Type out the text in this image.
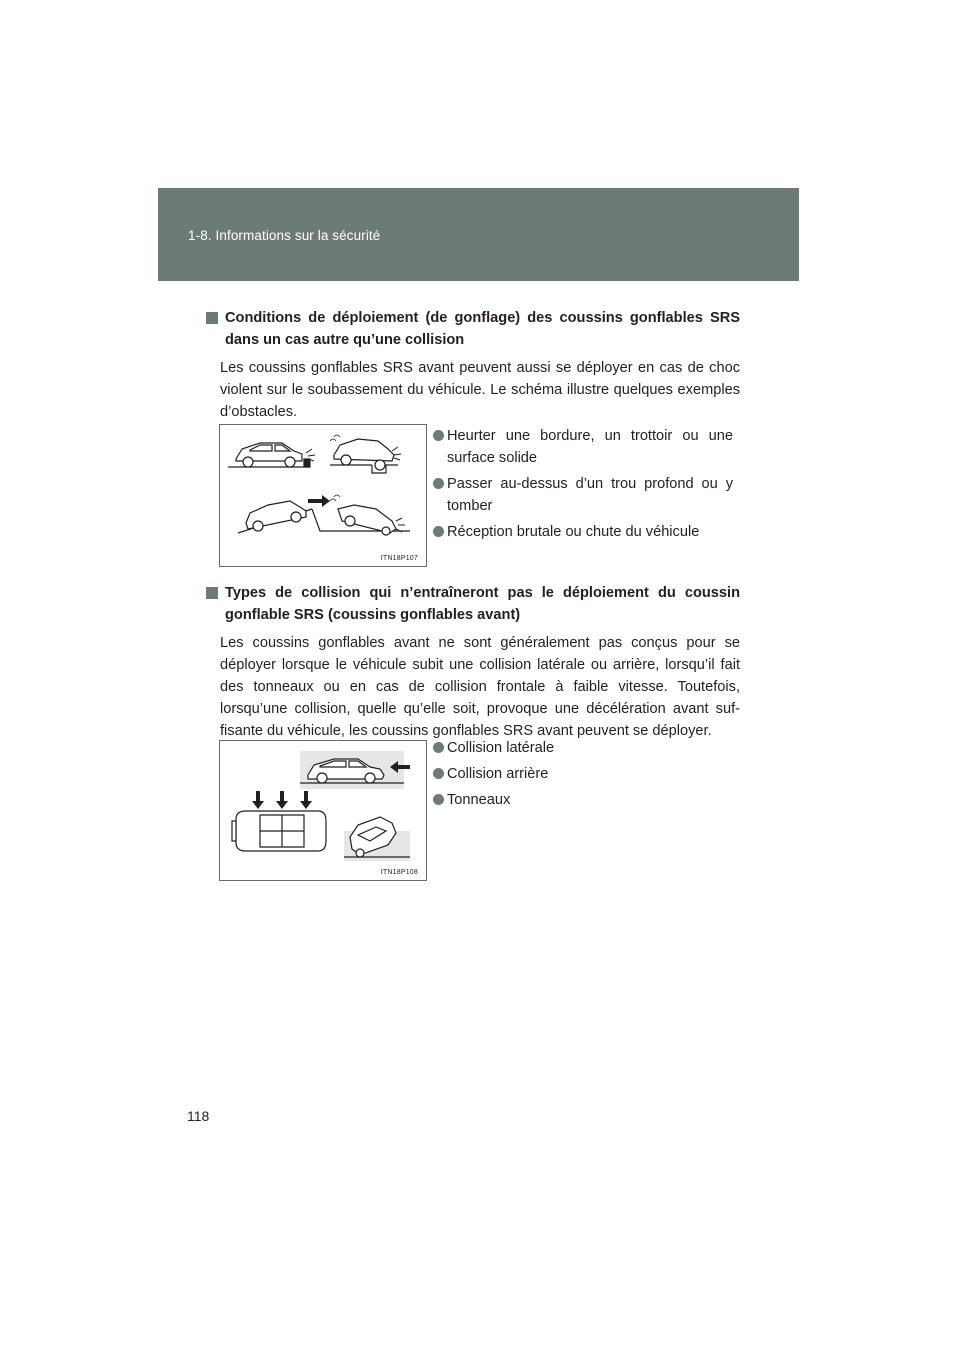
1-8. Informations sur la sécurité
Conditions de déploiement (de gonflage) des coussins gonflables SRS dans un cas autre qu’une collision
Les coussins gonflables SRS avant peuvent aussi se déployer en cas de choc violent sur le soubassement du véhicule. Le schéma illustre quelques exemples d’obstacles.
ITN18P107
Heurter une bordure, un trottoir ou une surface solide
Passer au-dessus d’un trou profond ou y tomber
Réception brutale ou chute du véhicule
Types de collision qui n’entraîneront pas le déploiement du coussin gonflable SRS (coussins gonflables avant)
Les coussins gonflables avant ne sont généralement pas conçus pour se déployer lorsque le véhicule subit une collision latérale ou arrière, lorsqu’il fait des tonneaux ou en cas de collision frontale à faible vitesse. Toutefois, lorsqu’une collision, quelle qu’elle soit, provoque une décélération avant suf-fisante du véhicule, les coussins gonflables SRS avant peuvent se déployer.
ITN18P108
Collision latérale
Collision arrière
Tonneaux
118
